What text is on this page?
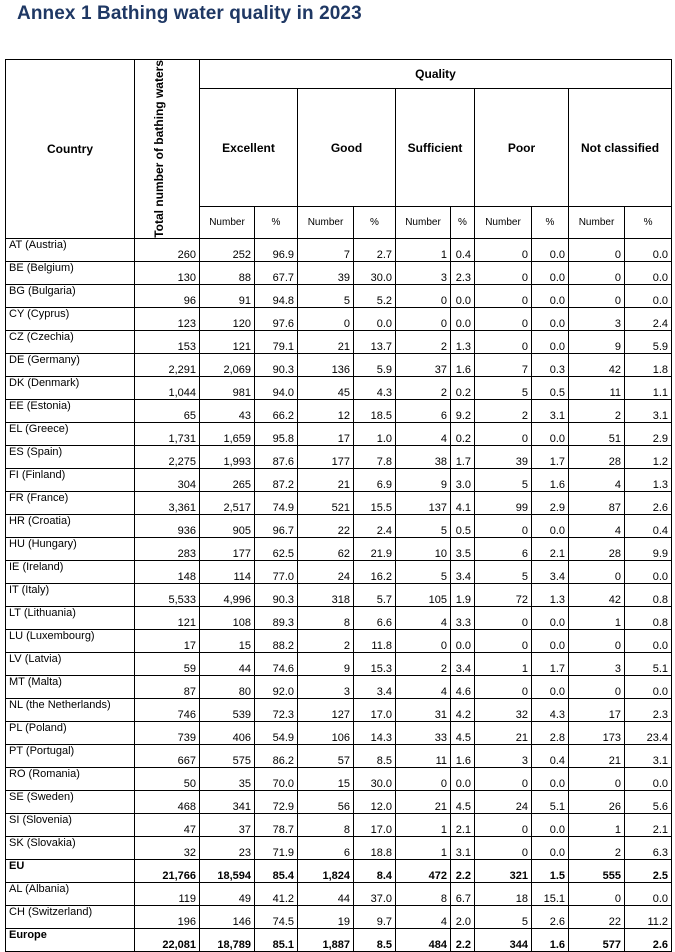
Annex 1 Bathing water quality in 2023
Country	Total number of bathing waters	Quality									
		Excellent		Good		Sufficient		Poor		Not classified	
		Number	%	Number	%	Number	%	Number	%	Number	%
AT (Austria)	260	252	96.9	7	2.7	1	0.4	0	0.0	0	0.0
BE (Belgium)	130	88	67.7	39	30.0	3	2.3	0	0.0	0	0.0
BG (Bulgaria)	96	91	94.8	5	5.2	0	0.0	0	0.0	0	0.0
CY (Cyprus)	123	120	97.6	0	0.0	0	0.0	0	0.0	3	2.4
CZ (Czechia)	153	121	79.1	21	13.7	2	1.3	0	0.0	9	5.9
DE (Germany)	2,291	2,069	90.3	136	5.9	37	1.6	7	0.3	42	1.8
DK (Denmark)	1,044	981	94.0	45	4.3	2	0.2	5	0.5	11	1.1
EE (Estonia)	65	43	66.2	12	18.5	6	9.2	2	3.1	2	3.1
EL (Greece)	1,731	1,659	95.8	17	1.0	4	0.2	0	0.0	51	2.9
ES (Spain)	2,275	1,993	87.6	177	7.8	38	1.7	39	1.7	28	1.2
FI (Finland)	304	265	87.2	21	6.9	9	3.0	5	1.6	4	1.3
FR (France)	3,361	2,517	74.9	521	15.5	137	4.1	99	2.9	87	2.6
HR (Croatia)	936	905	96.7	22	2.4	5	0.5	0	0.0	4	0.4
HU (Hungary)	283	177	62.5	62	21.9	10	3.5	6	2.1	28	9.9
IE (Ireland)	148	114	77.0	24	16.2	5	3.4	5	3.4	0	0.0
IT (Italy)	5,533	4,996	90.3	318	5.7	105	1.9	72	1.3	42	0.8
LT (Lithuania)	121	108	89.3	8	6.6	4	3.3	0	0.0	1	0.8
LU (Luxembourg)	17	15	88.2	2	11.8	0	0.0	0	0.0	0	0.0
LV (Latvia)	59	44	74.6	9	15.3	2	3.4	1	1.7	3	5.1
MT (Malta)	87	80	92.0	3	3.4	4	4.6	0	0.0	0	0.0
NL (the Netherlands)	746	539	72.3	127	17.0	31	4.2	32	4.3	17	2.3
PL (Poland)	739	406	54.9	106	14.3	33	4.5	21	2.8	173	23.4
PT (Portugal)	667	575	86.2	57	8.5	11	1.6	3	0.4	21	3.1
RO (Romania)	50	35	70.0	15	30.0	0	0.0	0	0.0	0	0.0
SE (Sweden)	468	341	72.9	56	12.0	21	4.5	24	5.1	26	5.6
SI (Slovenia)	47	37	78.7	8	17.0	1	2.1	0	0.0	1	2.1
SK (Slovakia)	32	23	71.9	6	18.8	1	3.1	0	0.0	2	6.3
EU	21,766	18,594	85.4	1,824	8.4	472	2.2	321	1.5	555	2.5
AL (Albania)	119	49	41.2	44	37.0	8	6.7	18	15.1	0	0.0
CH (Switzerland)	196	146	74.5	19	9.7	4	2.0	5	2.6	22	11.2
Europe	22,081	18,789	85.1	1,887	8.5	484	2.2	344	1.6	577	2.6
